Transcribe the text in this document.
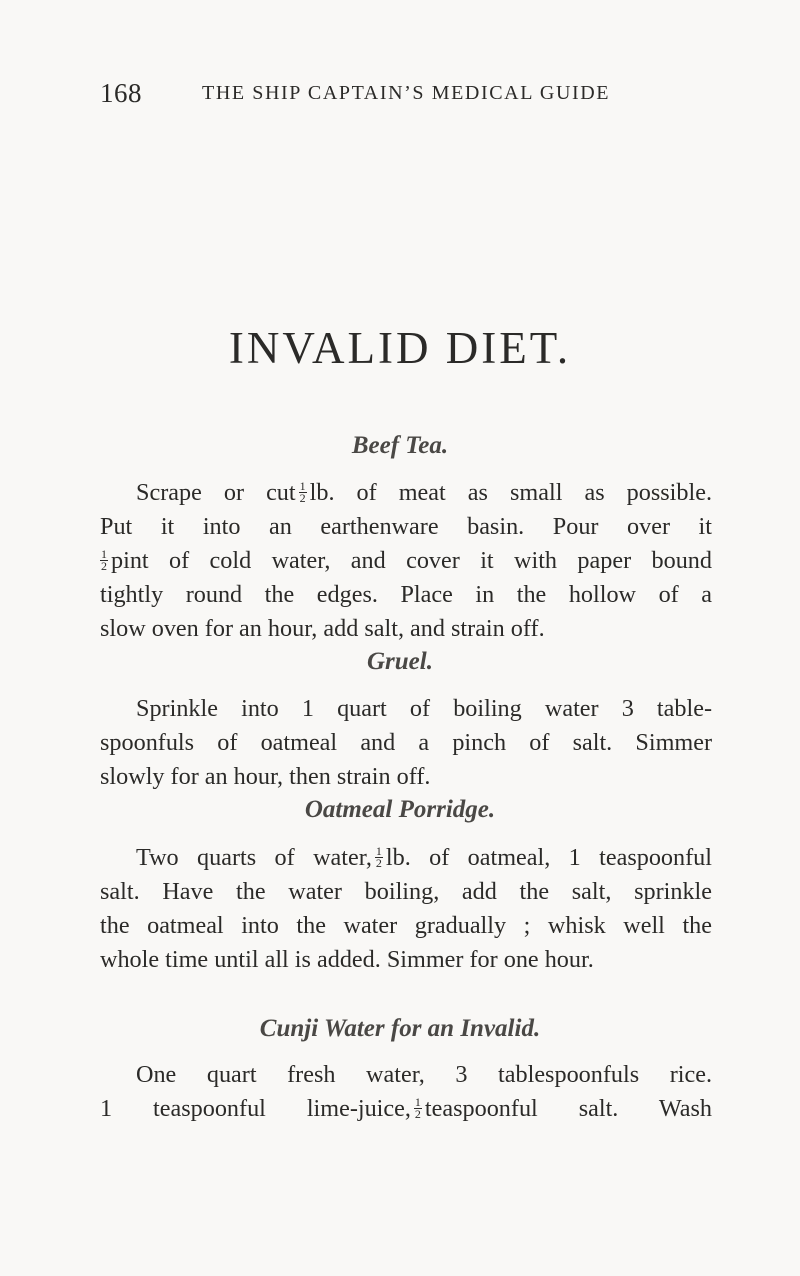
168	THE SHIP CAPTAIN’S MEDICAL GUIDE
INVALID DIET.
Beef Tea.
Scrape or cut $\frac{1}{2}$ lb. of meat as small as possible.
Put it into an earthenware basin. Pour over it
$\frac{1}{2}$ pint of cold water, and cover it with paper bound
tightly round the edges. Place in the hollow of a
slow oven for an hour, add salt, and strain off.
Gruel.
Sprinkle into 1 quart of boiling water 3 table-
spoonfuls of oatmeal and a pinch of salt. Simmer
slowly for an hour, then strain off.
Oatmeal Porridge.
Two quarts of water, $\frac{1}{2}$ lb. of oatmeal, 1 teaspoonful
salt. Have the water boiling, add the salt, sprinkle
the oatmeal into the water gradually ; whisk well the
whole time until all is added. Simmer for one hour.
Cunji Water for an Invalid.
One quart fresh water, 3 tablespoonfuls rice.
1 teaspoonful lime-juice, $\frac{1}{2}$ teaspoonful salt. Wash
